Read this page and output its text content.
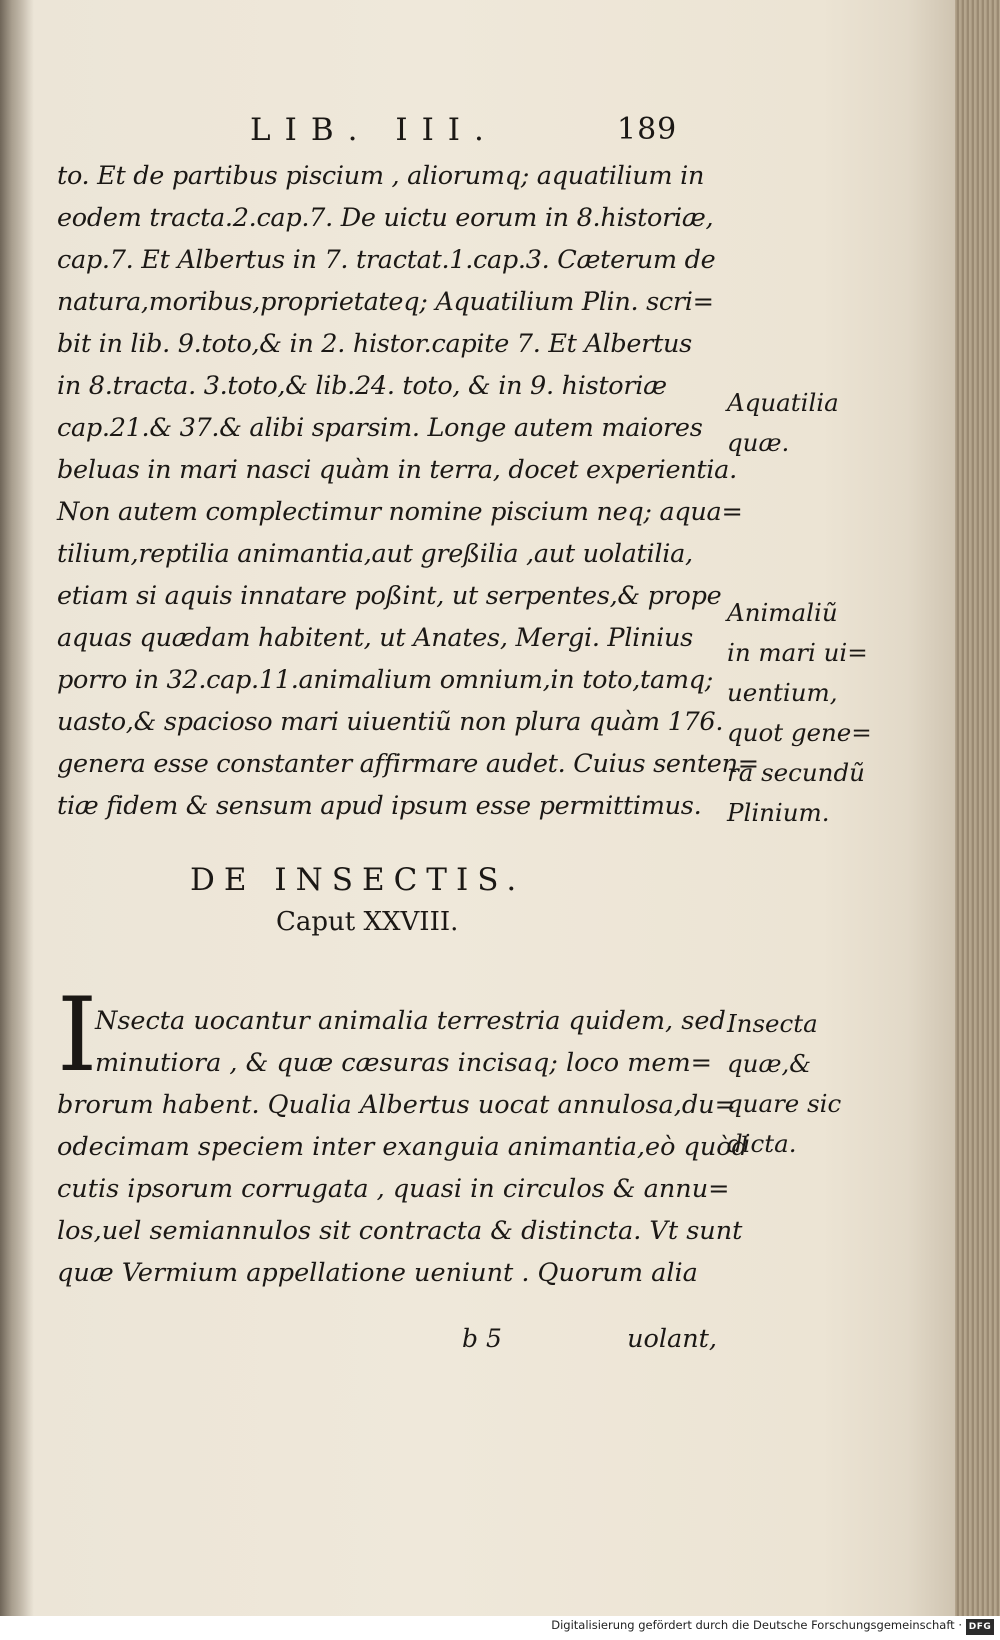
LIB. III.	189
to. Et de partibus piscium , aliorumq; aquatilium in
eodem tracta.2.cap.7. De uictu eorum in 8.historiæ,
cap.7. Et Albertus in 7. tractat.1.cap.3. Cæterum de
natura,moribus,proprietateq; Aquatilium Plin. scri=
bit in lib. 9.toto,& in 2. histor.capite 7. Et Albertus
in 8.tracta. 3.toto,& lib.24. toto, & in 9. historiæ
cap.21.& 37.& alibi sparsim. Longe autem maiores
beluas in mari nasci quàm in terra, docet experientia.
Non autem complectimur nomine piscium neq; aqua=
tilium,reptilia animantia,aut greßilia ,aut uolatilia,
etiam si aquis innatare poßint, ut serpentes,& prope
aquas quædam habitent, ut Anates, Mergi. Plinius
porro in 32.cap.11.animalium omnium,in toto,tamq;
uasto,& spacioso mari uiuentiũ non plura quàm 176.
genera esse constanter affirmare audet. Cuius senten=
tiæ fidem & sensum apud ipsum esse permittimus.
DE INSECTIS.
Caput XXVIII.
I
Nsecta uocantur animalia terrestria quidem, sed
minutiora , & quæ cæsuras incisaq; loco mem=
brorum habent. Qualia Albertus uocat annulosa,du=
odecimam speciem inter exanguia animantia,eò quòd
cutis ipsorum corrugata , quasi in circulos & annu=
los,uel semiannulos sit contracta & distincta. Vt sunt
quæ Vermium appellatione ueniunt . Quorum alia
b 5	uolant,
Aquatilia
quæ.
Animaliũ
in mari ui=
uentium,
quot gene=
ra secundũ
Plinium.
Insecta
quæ,&
quare sic
dicta.
Digitalisierung gefördert durch die Deutsche Forschungsgemeinschaft · DFG
